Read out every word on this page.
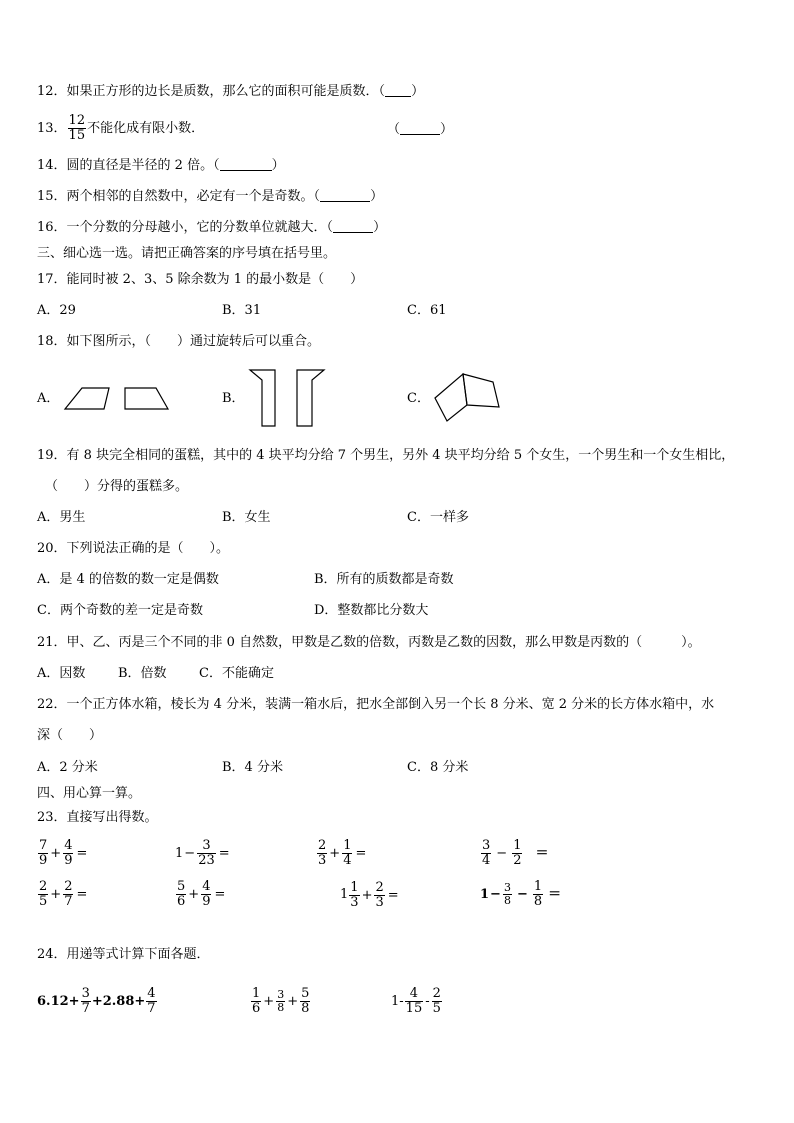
12．如果正方形的边长是质数，那么它的面积可能是质数．（ ）
13． $\frac{12}{15}$ 不能化成有限小数．	（	）
14．圆的直径是半径的 2 倍。（	）
15．两个相邻的自然数中，必定有一个是奇数。（	）
16．一个分数的分母越小，它的分数单位就越大．（	）
三、细心选一选。请把正确答案的序号填在括号里。
17．能同时被 2、3、5 除余数为 1 的最小数是（　　）
A．29	B．31	C．61
18．如下图所示，（　　）通过旋转后可以重合。
A．	B．	C．
19．有 8 块完全相同的蛋糕，其中的 4 块平均分给 7 个男生，另外 4 块平均分给 5 个女生，一个男生和一个女生相比，
（　　）分得的蛋糕多。
A．男生	B．女生	C．一样多
20．下列说法正确的是（　　）。
A．是 4 的倍数的数一定是偶数	B．所有的质数都是奇数
C．两个奇数的差一定是奇数	D．整数都比分数大
21．甲、乙、丙是三个不同的非 0 自然数，甲数是乙数的倍数，丙数是乙数的因数，那么甲数是丙数的（　　　）。
A．因数	B．倍数 C．不能确定
22．一个正方体水箱，棱长为 4 分米，装满一箱水后，把水全部倒入另一个长 8 分米、宽 2 分米的长方体水箱中，水
深（　　）
A．2 分米	B．4 分米	C．8 分米
四、用心算一算。
23．直接写出得数。
$\frac{7}{9} + \frac{4}{9}$ =	$1- \frac{3}{23}$ =	$\frac{2}{3} + \frac{1}{4}$ =	$\frac{3}{4} - \frac{1}{2}$ ＝
$\frac{2}{5} + \frac{2}{7}$ =	$\frac{5}{6} + \frac{4}{9}$ =	$1 \frac{1}{3} + \frac{2}{3}$ =	$1- \frac{3}{8} - \frac{1}{8}$ ＝
24．用递等式计算下面各题．
$6.12+ \frac{3}{7} +2.88+ \frac{4}{7}$	$\frac{1}{6} + \frac{3}{8} + \frac{5}{8}$	$1- \frac{4}{15} - \frac{2}{5}$
